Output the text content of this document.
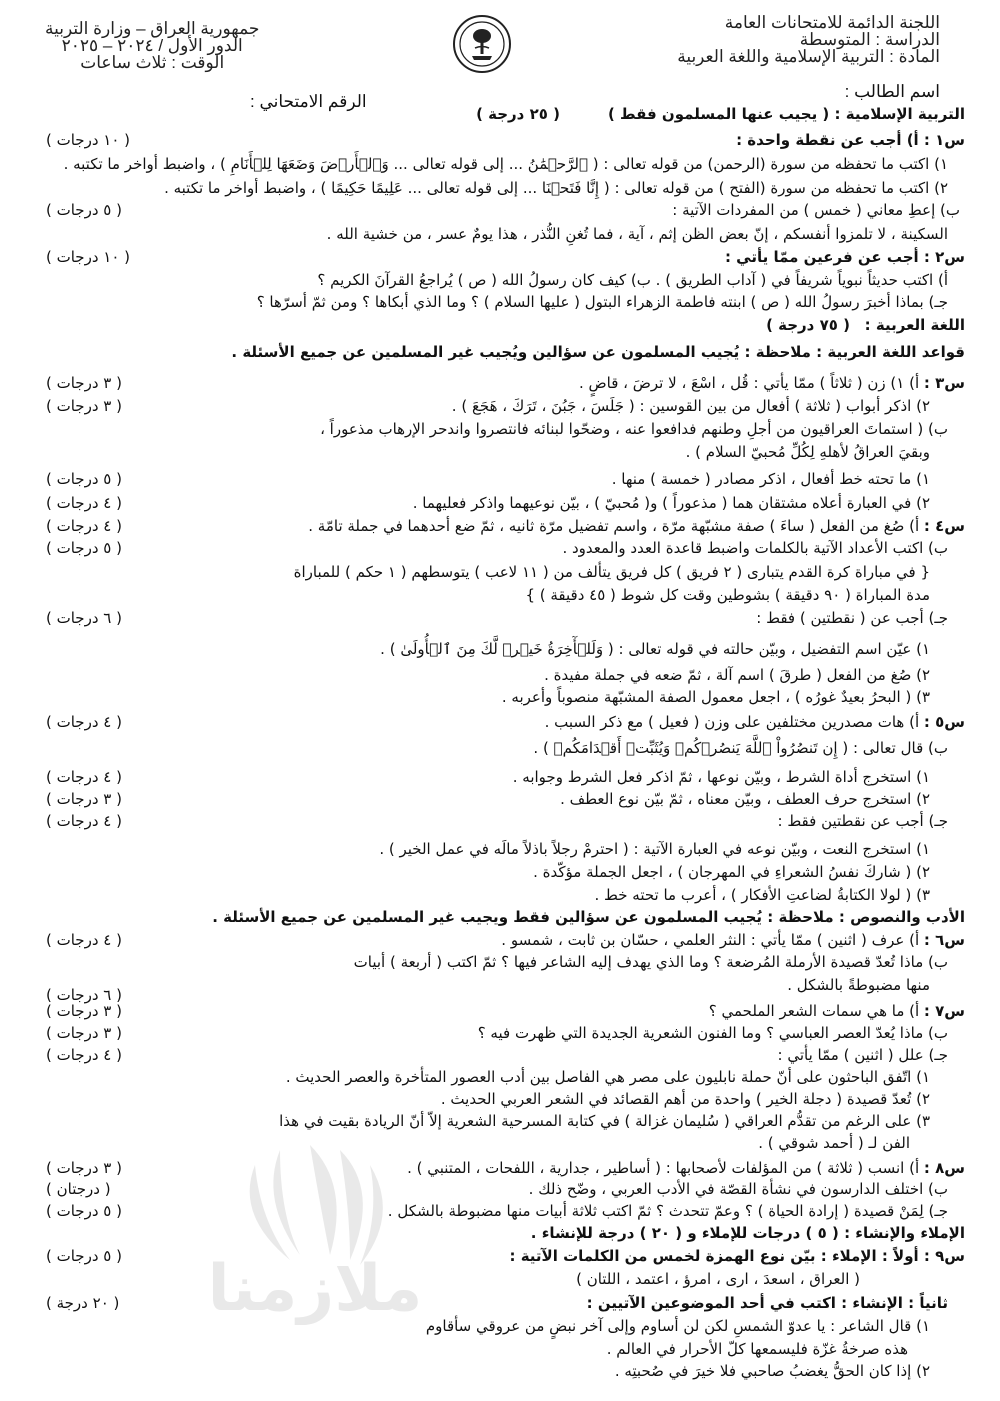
اللجنة الدائمة للامتحانات العامة
الدراسة : المتوسطة
المادة : التربية الإسلامية واللغة العربية
اسم الطالب :
جمهورية العراق – وزارة التربية
الدور الأول / ٢٠٢٤ – ٢٠٢٥
الوقت : ثلاث ساعات
الرقم الامتحاني :
ملازمنا
التربية الإسلامية : ( يجيب عنها المسلمون فقط )
( ٢٥ درجة )
س١ : أ) أجب عن نقطة واحدة :
( ١٠ درجات )
١) اكتب ما تحفظه من سورة (الرحمن) من قوله تعالى : ( ٱلرَّحۡمَٰنُ ... إلى قوله تعالى ... وَٱلۡأَرۡضَ وَضَعَهَا لِلۡأَنَامِ ) ، واضبط أواخر ما تكتبه .
٢) اكتب ما تحفظه من سورة (الفتح ) من قوله تعالى : ( إِنَّا فَتَحۡنَا ... إلى قوله تعالى ... عَلِيمًا حَكِيمًا ) ، واضبط أواخر ما تكتبه .
ب) إعطِ معاني ( خمس ) من المفردات الآتية :
( ٥ درجات )
السكينة ، لا تلمزوا أنفسكم ، إنّ بعض الظن إثم ، آية ، فما تُغنِ النُّذر ، هذا يومٌ عسر ، من خشية الله .
س٢ : أجب عن فرعين ممّا يأتي :
( ١٠ درجات )
أ) اكتب حديثاً نبوياً شريفاً في ( آداب الطريق ) . ب) كيف كان رسولُ الله ( ص ) يُراجعُ القرآنَ الكريم ؟
جـ) بماذا أخبرَ رسولُ الله ( ص ) ابنته فاطمة الزهراء البتول ( عليها السلام ) ؟ وما الذي أبكاها ؟ ومن ثمّ أسرّها ؟
اللغة العربية :
( ٧٥ درجة )
قواعد اللغة العربية : ملاحظة : يُجيب المسلمون عن سؤالين ويُجيب غير المسلمين عن جميع الأسئلة .
س٣ : أ) ١) زن ( ثلاثاً ) ممّا يأتي : قُل ، اسْعَ ، لا ترضَ ، قاضٍ .
( ٣ درجات )
٢) اذكر أبواب ( ثلاثة ) أفعال من بين القوسين : ( جَلَسَ ، جَبُنَ ، تَرَكَ ، هَجَعَ ) .
( ٣ درجات )
ب) ( استماتَ العراقيون من أجلِ وطنهم فدافعوا عنه ، وضحّوا لبنائه فانتصروا واندحر الإرهاب مذعوراً ،
وبقيَ العراقُ لأهلهِ لِكُلِّ مُحبيّ السلام ) .
١) ما تحته خط أفعال ، اذكر مصادر ( خمسة ) منها .
( ٥ درجات )
٢) في العبارة أعلاه مشتقان هما ( مذعوراً ) و( مُحبيّ ) ، بيّن نوعيهما واذكر فعليهما .
( ٤ درجات )
س٤ : أ) صُغ من الفعل ( ساءَ ) صفة مشبّهة مرّة ، واسم تفضيل مرّة ثانيه ، ثمّ ضع أحدهما في جملة تامّة .
( ٤ درجات )
ب) اكتب الأعداد الآتية بالكلمات واضبط قاعدة العدد والمعدود .
( ٥ درجات )
{ في مباراة كرة القدم يتبارى ( ٢ فريق ) كل فريق يتألف من ( ١١ لاعب ) يتوسطهم ( ١ حكم ) للمباراة
مدة المباراة ( ٩٠ دقيقة ) بشوطين وقت كل شوط ( ٤٥ دقيقة ) }
جـ) أجب عن ( نقطتين ) فقط :
( ٦ درجات )
١) عيّن اسم التفضيل ، وبيّن حالته في قوله تعالى : ( وَلَلۡأٓخِرَةُ خَيۡرٞ لَّكَ مِنَ ٱلۡأُولَىٰ ) .
٢) صُغ من الفعل ( طرقَ ) اسم آلة ، ثمّ ضعه في جملة مفيدة .
٣) ( البحرُ بعيدٌ غورُه ) ، اجعل معمول الصفة المشبّهة منصوباً وأعربه .
س٥ : أ) هات مصدرين مختلفين على وزن ( فعيل ) مع ذكر السبب .
( ٤ درجات )
ب) قال تعالى : ( إِن تَنصُرُواْ ٱللَّهَ يَنصُرۡكُمۡ وَيُثَبِّتۡ أَقۡدَامَكُمۡ ) .
١) استخرج أداة الشرط ، وبيّن نوعها ، ثمّ اذكر فعل الشرط وجوابه .
( ٤ درجات )
٢) استخرج حرف العطف ، وبيّن معناه ، ثمّ بيّن نوع العطف .
( ٣ درجات )
جـ) أجب عن نقطتين فقط :
( ٤ درجات )
١) استخرج النعت ، وبيّن نوعه في العبارة الآتية : ( احترمْ رجلاً باذلاً مالَه في عمل الخير ) .
٢) ( شاركَ نفسُ الشعراءِ في المهرجان ) ، اجعل الجملة مؤكّدة .
٣) ( لولا الكتابةُ لضاعتِ الأفكار ) ، أعرب ما تحته خط .
الأدب والنصوص : ملاحظة : يُجيب المسلمون عن سؤالين فقط ويجيب غير المسلمين عن جميع الأسئلة .
س٦ : أ) عرف ( اثنين ) ممّا يأتي : النثر العلمي ، حسّان بن ثابت ، شمسو .
( ٤ درجات )
ب) ماذا تُعدّ قصيدة الأرملة المُرضعة ؟ وما الذي يهدف إليه الشاعر فيها ؟ ثمّ اكتب ( أربعة ) أبيات
منها مضبوطةً بالشكل .
( ٦ درجات )
س٧ : أ) ما هي سمات الشعر الملحمي ؟
( ٣ درجات )
ب) ماذا يُعدّ العصر العباسي ؟ وما الفنون الشعرية الجديدة التي ظهرت فيه ؟
( ٣ درجات )
جـ) علل ( اثنين ) ممّا يأتي :
( ٤ درجات )
١) اتّفق الباحثون على أنّ حملة نابليون على مصر هي الفاصل بين أدب العصور المتأخرة والعصر الحديث .
٢) تُعدّ قصيدة ( دجلة الخير ) واحدة من أهم القصائد في الشعر العربي الحديث .
٣) على الرغم من تقدُّم العراقي ( سُليمان غزالة ) في كتابة المسرحية الشعرية إلاّ أنّ الريادة بقيت في هذا
الفن لـ ( أحمد شوقي ) .
س٨ : أ) انسب ( ثلاثة ) من المؤلفات لأصحابها : ( أساطير ، جدارية ، اللفحات ، المتنبي ) .
( ٣ درجات )
ب) اختلف الدارسون في نشأة القصّة في الأدب العربي ، وضّح ذلك .
( درجتان )
جـ) لِمَنْ قصيدة ( إرادة الحياة ) ؟ وعمّ تتحدث ؟ ثمّ اكتب ثلاثة أبيات منها مضبوطة بالشكل .
( ٥ درجات )
الإملاء والإنشاء : ( ٥ ) درجات للإملاء و ( ٢٠ ) درجة للإنشاء .
س٩ : أولاً : الإملاء : بيّن نوع الهمزة لخمس من الكلمات الآتية :
( ٥ درجات )
( العراق ، اسعدَ ، ارى ، امرؤ ، اعتمد ، اللتان )
ثانياً : الإنشاء : اكتب في أحد الموضوعين الآتيين :
( ٢٠ درجة )
١) قال الشاعر : يا عدوّ الشمسِ لكن لن أساوم وإلى آخر نبضٍ من عروقي سأقاوم
هذه صرخةُ غزّة فليسمعها كلّ الأحرار في العالم .
٢) إذا كان الحقُّ يغضبُ صاحبي فلا خيرَ في صُحبتِه .
